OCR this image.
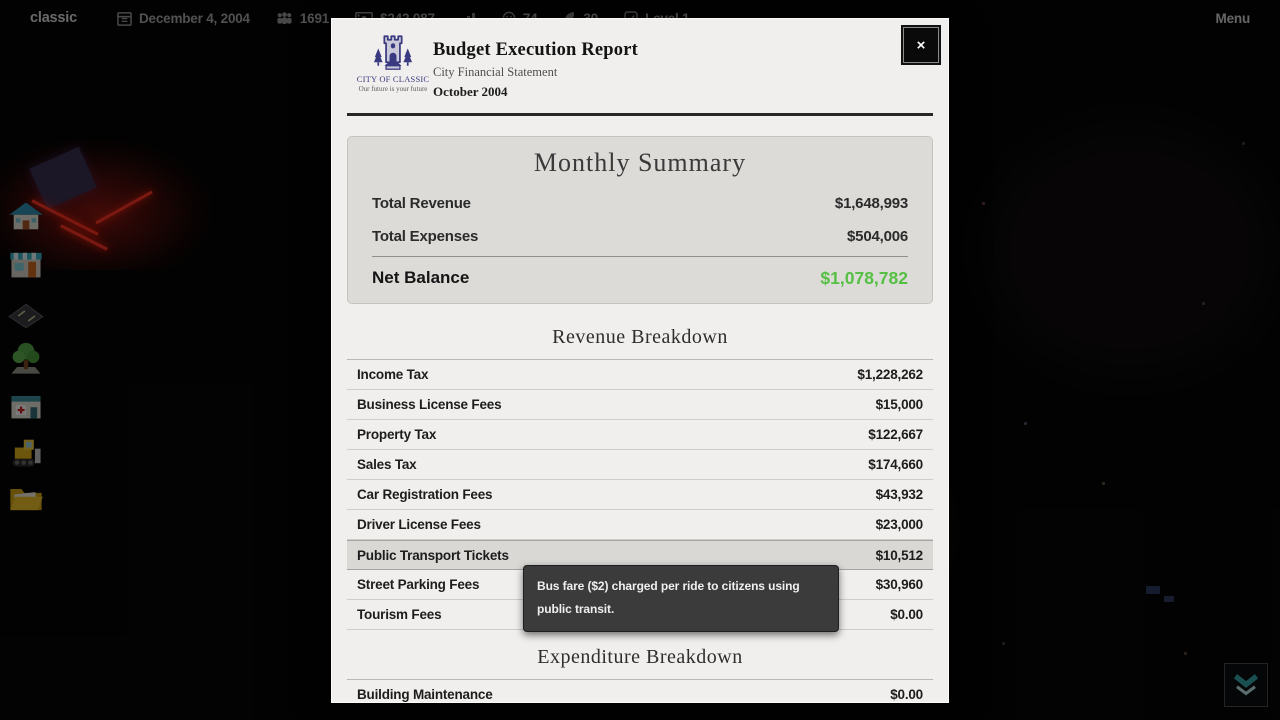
CITY OF CLASSIC
Our future is your future
Budget Execution Report
City Financial Statement
October 2004
×
Monthly Summary
Total Revenue	$1,648,993
Total Expenses	$504,006
Net Balance	$1,078,782
Revenue Breakdown
Income Tax	$1,228,262
Business License Fees	$15,000
Property Tax	$122,667
Sales Tax	$174,660
Car Registration Fees	$43,932
Driver License Fees	$23,000
Public Transport Tickets	$10,512
Street Parking Fees	$30,960
Tourism Fees	$0.00
Expenditure Breakdown
Building Maintenance	$0.00
Bus fare ($2) charged per ride to citizens using public transit.
